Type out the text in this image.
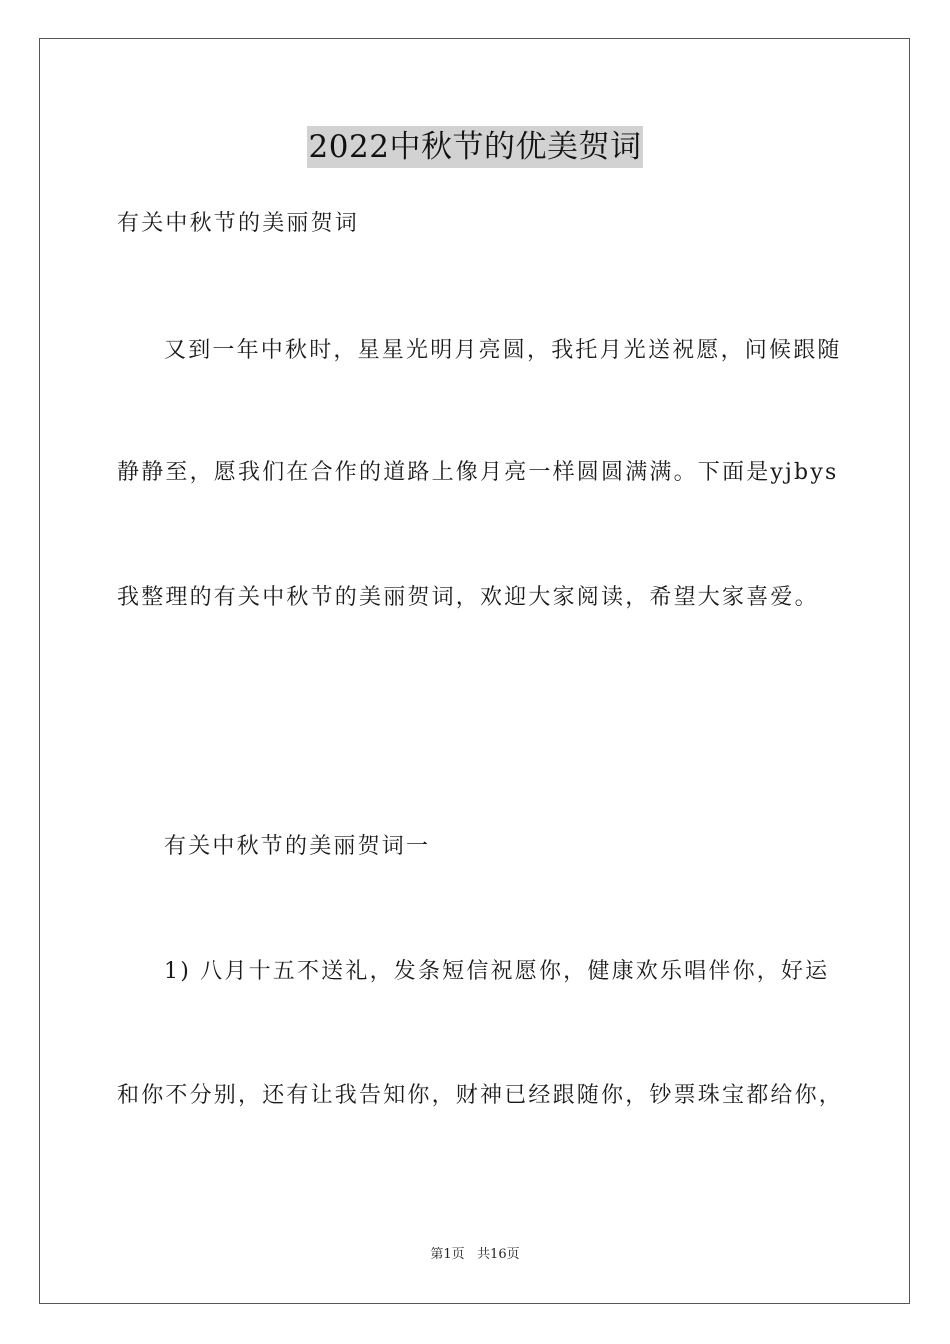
2022中秋节的优美贺词
有关中秋节的美丽贺词
又到一年中秋时，星星光明月亮圆，我托月光送祝愿，问候跟随
静静至，愿我们在合作的道路上像月亮一样圆圆满满。下面是yjbys
我整理的有关中秋节的美丽贺词，欢迎大家阅读，希望大家喜爱。
有关中秋节的美丽贺词一
1) 八月十五不送礼，发条短信祝愿你，健康欢乐唱伴你，好运
和你不分别，还有让我告知你，财神已经跟随你，钞票珠宝都给你，
第1页   共16页
